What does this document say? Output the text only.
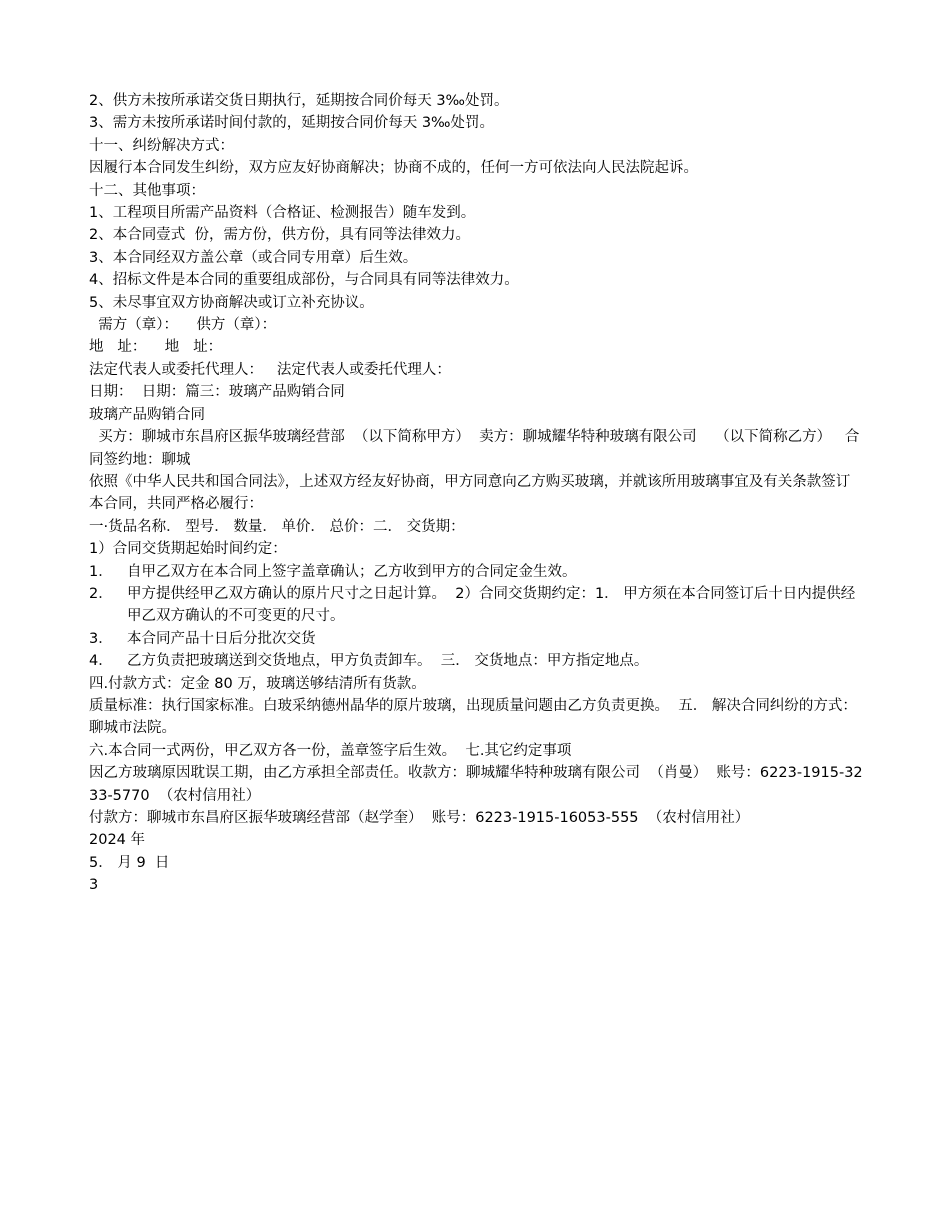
2、供方未按所承诺交货日期执行，延期按合同价每天 3‰处罚。

3、需方未按所承诺时间付款的，延期按合同价每天 3‰处罚。

十一、纠纷解决方式：

因履行本合同发生纠纷，双方应友好协商解决；协商不成的，任何一方可依法向人民法院起诉。

十二、其他事项：

1、工程项目所需产品资料（合格证、检测报告）随车发到。

2、本合同壹式  份，需方份，供方份，具有同等法律效力。

3、本合同经双方盖公章（或合同专用章）后生效。

4、招标文件是本合同的重要组成部份，与合同具有同等法律效力。

5、未尽事宜双方协商解决或订立补充协议。

需方（章）：    供方（章）：

地   址：    地   址：

法定代表人或委托代理人：   法定代表人或委托代理人：

日期：  日期：篇三：玻璃产品购销合同

玻璃产品购销合同

买方：聊城市东昌府区振华玻璃经营部  （以下简称甲方）  卖方：聊城耀华特种玻璃有限公司    （以下简称乙方）   合同签约地：聊城

依照《中华人民共和国合同法》，上述双方经友好协商，甲方同意向乙方购买玻璃，并就该所用玻璃事宜及有关条款签订本合同，共同严格必履行：

一·货品名称． 型号． 数量． 单价． 总价：二． 交货期：

1）合同交货期起始时间约定：

1． 自甲乙双方在本合同上签字盖章确认；乙方收到甲方的合同定金生效。
2． 甲方提供经甲乙双方确认的原片尺寸之日起计算。  2）合同交货期约定：1． 甲方须在本合同签订后十日内提供经甲乙双方确认的不可变更的尺寸。
3． 本合同产品十日后分批次交货
4． 乙方负责把玻璃送到交货地点，甲方负责卸车。  三． 交货地点：甲方指定地点。

四.付款方式：定金 80 万，玻璃送够结清所有货款。

质量标准：执行国家标准。白玻采纳德州晶华的原片玻璃，出现质量问题由乙方负责更换。  五． 解决合同纠纷的方式：聊城市法院。

六.本合同一式两份，甲乙双方各一份，盖章签字后生效。  七.其它约定事项

因乙方玻璃原因耽误工期，由乙方承担全部责任。收款方：聊城耀华特种玻璃有限公司  （肖曼）  账号：6223-1915-3233-5770  （农村信用社）

付款方：聊城市东昌府区振华玻璃经营部（赵学奎）  账号：6223-1915-16053-555  （农村信用社）

2024 年

5． 月 9  日

3
